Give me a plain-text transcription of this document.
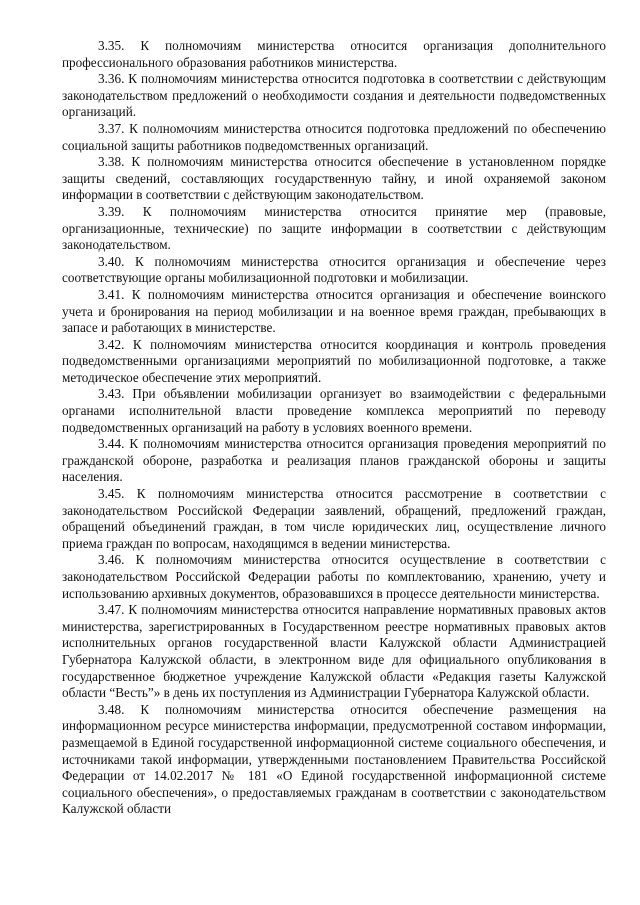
3.35. К полномочиям министерства относится организация дополнительного профессионального образования работников министерства.

3.36. К полномочиям министерства относится подготовка в соответствии с действующим законодательством предложений о необходимости создания и деятельности подведомственных организаций.

3.37. К полномочиям министерства относится подготовка предложений по обеспечению социальной защиты работников подведомственных организаций.

3.38. К полномочиям министерства относится обеспечение в установленном порядке защиты сведений, составляющих государственную тайну, и иной охраняемой законом информации в соответствии с действующим законодательством.

3.39. К полномочиям министерства относится принятие мер (правовые, организационные, технические) по защите информации в соответствии с действующим законодательством.

3.40. К полномочиям министерства относится организация и обеспечение через соответствующие органы мобилизационной подготовки и мобилизации.

3.41. К полномочиям министерства относится организация и обеспечение воинского учета и бронирования на период мобилизации и на военное время граждан, пребывающих в запасе и работающих в министерстве.

3.42. К полномочиям министерства относится координация и контроль проведения подведомственными организациями мероприятий по мобилизационной подготовке, а также методическое обеспечение этих мероприятий.

3.43. При объявлении мобилизации организует во взаимодействии с федеральными органами исполнительной власти проведение комплекса мероприятий по переводу подведомственных организаций на работу в условиях военного времени.

3.44. К полномочиям министерства относится организация проведения мероприятий по гражданской обороне, разработка и реализация планов гражданской обороны и защиты населения.

3.45. К полномочиям министерства относится рассмотрение в соответствии с законодательством Российской Федерации заявлений, обращений, предложений граждан, обращений объединений граждан, в том числе юридических лиц, осуществление личного приема граждан по вопросам, находящимся в ведении министерства.

3.46. К полномочиям министерства относится осуществление в соответствии с законодательством Российской Федерации работы по комплектованию, хранению, учету и использованию архивных документов, образовавшихся в процессе деятельности министерства.

3.47. К полномочиям министерства относится направление нормативных правовых актов министерства, зарегистрированных в Государственном реестре нормативных правовых актов исполнительных органов государственной власти Калужской области Администрацией Губернатора Калужской области, в электронном виде для официального опубликования в государственное бюджетное учреждение Калужской области «Редакция газеты Калужской области “Весть”» в день их поступления из Администрации Губернатора Калужской области.

3.48. К полномочиям министерства относится обеспечение размещения на информационном ресурсе министерства информации, предусмотренной составом информации, размещаемой в Единой государственной информационной системе социального обеспечения, и источниками такой информации, утвержденными постановлением Правительства Российской Федерации от 14.02.2017 № 181 «О Единой государственной информационной системе социального обеспечения», о предоставляемых гражданам в соответствии с законодательством Калужской области
